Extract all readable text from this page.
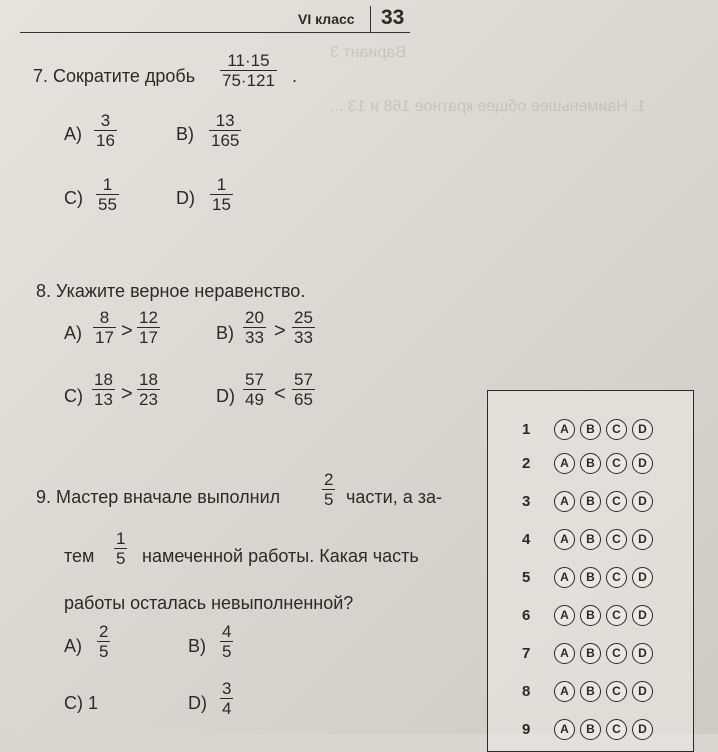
Вариант 3
1. Наименьшее общее кратное 168 и 13 ...
VI класс 33
7. Сократите дробь $\frac{11\cdot 15}{75\cdot 121}$ .
$A) \frac{3}{16}$	$B) \frac{13}{165}$
$C) \frac{1}{55}$	$D) \frac{1}{15}$
8. Укажите верное неравенство.
$A) \frac{8}{17} > \frac{12}{17}$	$B) \frac{20}{33} > \frac{25}{33}$
$C) \frac{18}{13} > \frac{18}{23}$	$D) \frac{57}{49} < \frac{57}{65}$
9. Мастер вначале выполнил $\frac{2}{5}$ части, а за-
тем $\frac{1}{5}$ намеченной работы. Какая часть
работы осталась невыполненной?
$A) \frac{2}{5}$	$B) \frac{4}{5}$
C) 1	$D) \frac{3}{4}$
1	A	B	C	D
2	A	B	C	D
3	A	B	C	D
4	A	B	C	D
5	A	B	C	D
6	A	B	C	D
7	A	B	C	D
8	A	B	C	D
9	A	B	C	D
